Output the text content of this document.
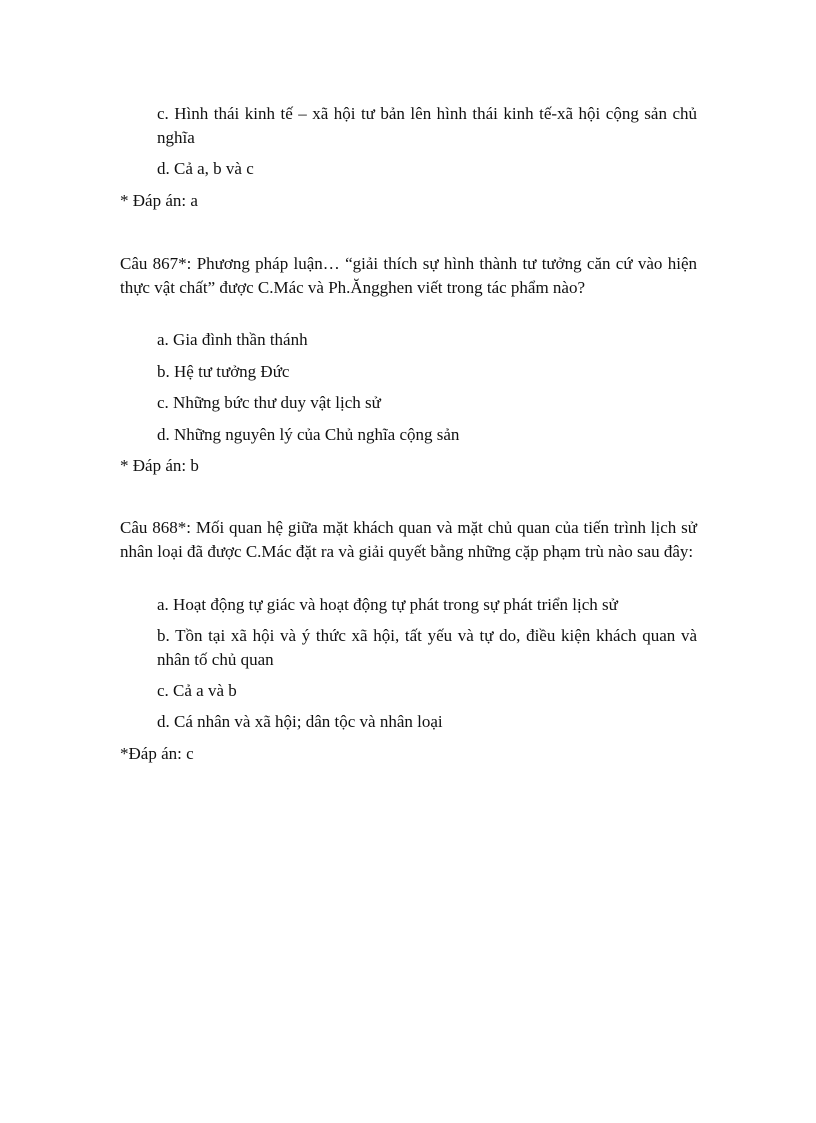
c. Hình thái kinh tế – xã hội tư bản lên hình thái kinh tế-xã hội cộng sản chủ nghĩa
d. Cả a, b và c
* Đáp án: a
Câu 867*: Phương pháp luận… “giải thích sự hình thành tư tưởng căn cứ vào hiện thực vật chất” được C.Mác và Ph.Ăngghen viết trong tác phẩm nào?
a. Gia đình thần thánh
b. Hệ tư tưởng Đức
c. Những bức thư duy vật lịch sử
d. Những nguyên lý của Chủ nghĩa cộng sản
* Đáp án: b
Câu 868*: Mối quan hệ giữa mặt khách quan và mặt chủ quan của tiến trình lịch sử nhân loại đã được C.Mác đặt ra và giải quyết bằng những cặp phạm trù nào sau đây:
a. Hoạt động tự giác và hoạt động tự phát trong sự phát triển lịch sử
b. Tồn tại xã hội và ý thức xã hội, tất yếu và tự do, điều kiện khách quan và nhân tố chủ quan
c. Cả a và b
d. Cá nhân và xã hội; dân tộc và nhân loại
*Đáp án: c
